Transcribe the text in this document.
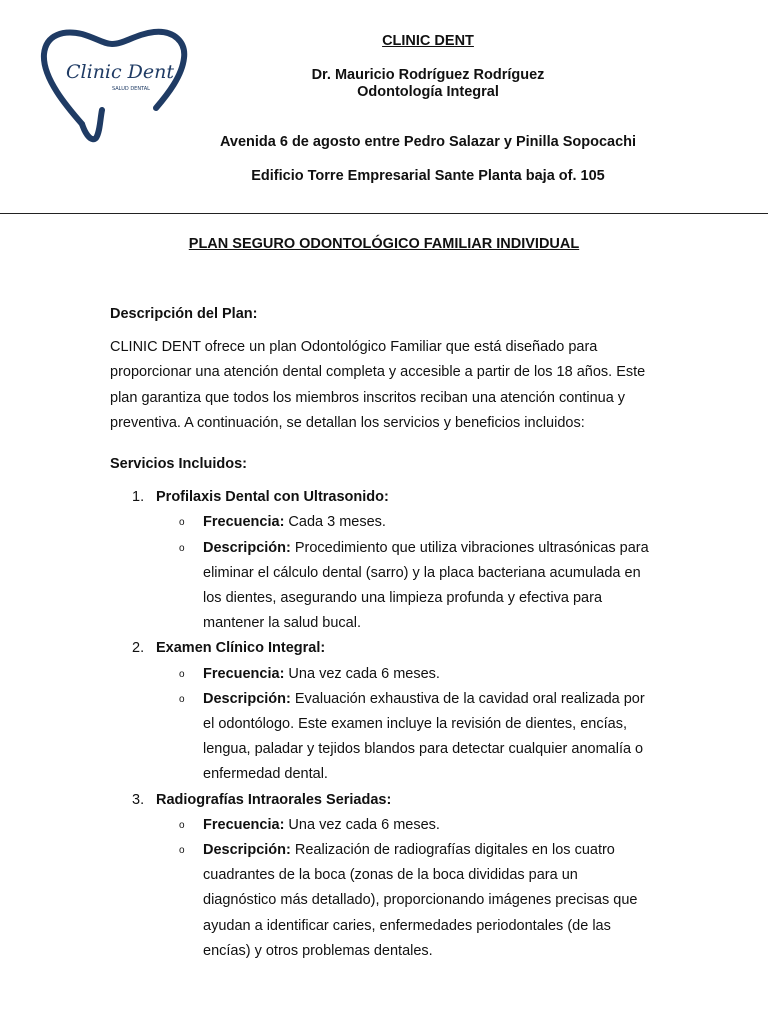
Clinic Dent
SALUD DENTAL
CLINIC DENT
Dr. Mauricio Rodríguez Rodríguez
Odontología Integral
Avenida 6 de agosto entre Pedro Salazar y Pinilla Sopocachi
Edificio Torre Empresarial Sante Planta baja of. 105
PLAN SEGURO ODONTOLÓGICO FAMILIAR INDIVIDUAL

Descripción del Plan:

CLINIC DENT ofrece un plan Odontológico Familiar que está diseñado para proporcionar una atención dental completa y accesible a partir de los 18 años. Este plan garantiza que todos los miembros inscritos reciban una atención continua y preventiva. A continuación, se detallan los servicios y beneficios incluidos:

Servicios Incluidos:

1. Profilaxis Dental con Ultrasonido:
o Frecuencia: Cada 3 meses.
o Descripción: Procedimiento que utiliza vibraciones ultrasónicas para eliminar el cálculo dental (sarro) y la placa bacteriana acumulada en los dientes, asegurando una limpieza profunda y efectiva para mantener la salud bucal.
2. Examen Clínico Integral:
o Frecuencia: Una vez cada 6 meses.
o Descripción: Evaluación exhaustiva de la cavidad oral realizada por el odontólogo. Este examen incluye la revisión de dientes, encías, lengua, paladar y tejidos blandos para detectar cualquier anomalía o enfermedad dental.
3. Radiografías Intraorales Seriadas:
o Frecuencia: Una vez cada 6 meses.
o Descripción: Realización de radiografías digitales en los cuatro cuadrantes de la boca (zonas de la boca divididas para un diagnóstico más detallado), proporcionando imágenes precisas que ayudan a identificar caries, enfermedades periodontales (de las encías) y otros problemas dentales.
